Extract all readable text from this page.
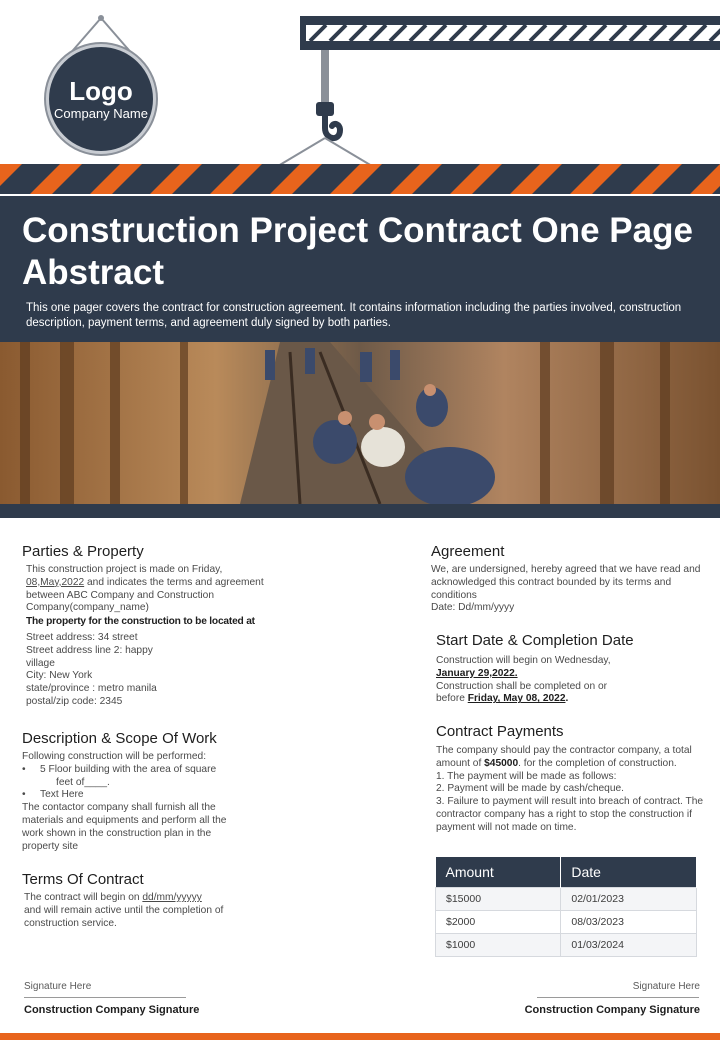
Logo
Company Name
Construction Project Contract One Page Abstract
This one pager covers the contract for construction agreement. It contains information including the parties involved, construction description, payment terms, and agreement duly signed by both parties.
Parties & Property
This construction project is made on Friday,
08,May,2022 and indicates the terms and agreement between ABC Company and Construction Company(company_name)
The property for the construction to be located at
Street address: 34 street
Street address line 2: happy village
City: New York
state/province : metro manila
postal/zip code: 2345
Description & Scope Of Work
Following construction will be performed:
• 5 Floor building with the area of square
feet of____.
• Text Here
The contactor company shall furnish all the materials and equipments and perform all the work shown in the construction plan in the property site
Terms Of Contract
The contract will begin on dd/mm/yyyyy
and will remain active until the completion of construction service.
Agreement
We, are undersigned, hereby agreed that we have read and acknowledged this contract bounded by its terms and conditions
Date: Dd/mm/yyyy
Start Date & Completion Date
Construction will begin on Wednesday,
January 29,2022.
Construction shall be completed on or
before Friday, May 08, 2022.
Contract Payments
The company should pay the contractor company, a total amount of $45000. for the completion of construction.
1. The payment will be made as follows:
2. Payment will be made by cash/cheque.
3. Failure to payment will result into breach of contract. The contractor company has a right to stop the construction if payment will not made on time.
Amount	Date
$15000	02/01/2023
$2000	08/03/2023
$1000	01/03/2024
Signature Here
Construction Company Signature
Signature Here
Construction Company Signature
